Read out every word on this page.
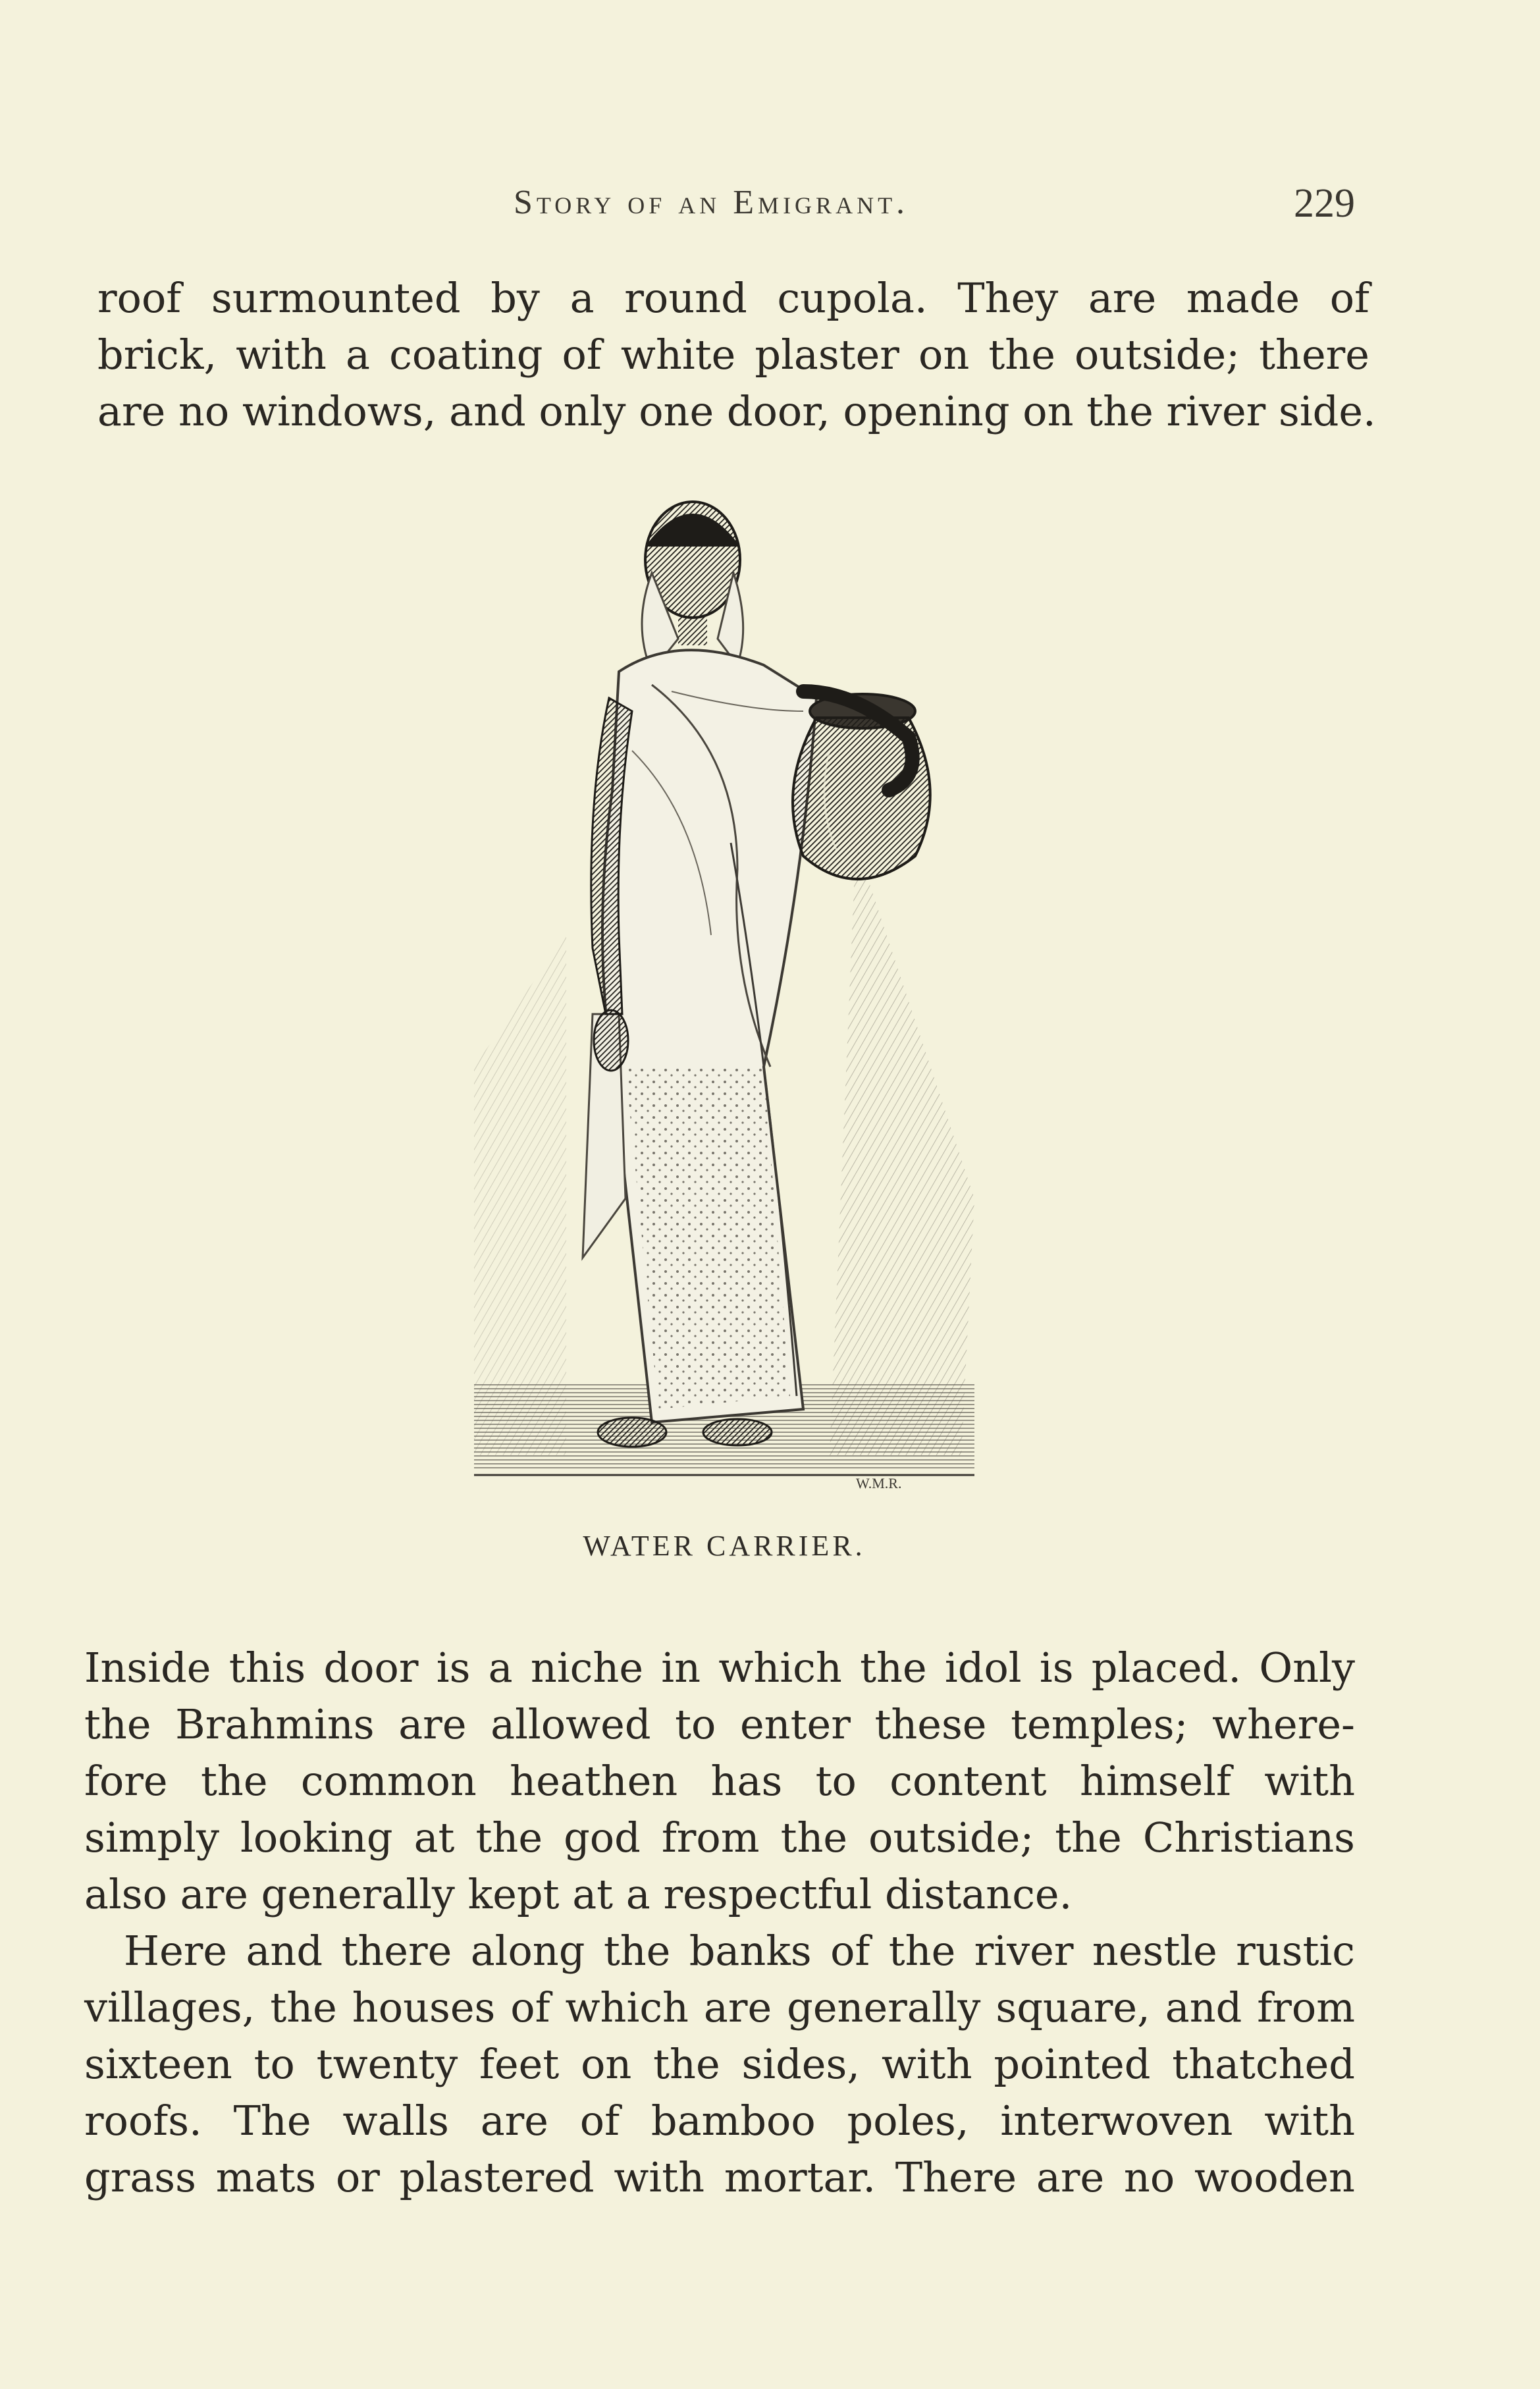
Story of an Emigrant.	229
roof surmounted by a round cupola. They are made of
brick, with a coating of white plaster on the outside; there
are no windows, and only one door, opening on the river side.
W.M.R.
WATER CARRIER.
Inside this door is a niche in which the idol is placed. Only
the Brahmins are allowed to enter these temples; where-
fore the common heathen has to content himself with
simply looking at the god from the outside; the Christians
also are generally kept at a respectful distance.
Here and there along the banks of the river nestle rustic
villages, the houses of which are generally square, and from
sixteen to twenty feet on the sides, with pointed thatched
roofs. The walls are of bamboo poles, interwoven with
grass mats or plastered with mortar. There are no wooden
